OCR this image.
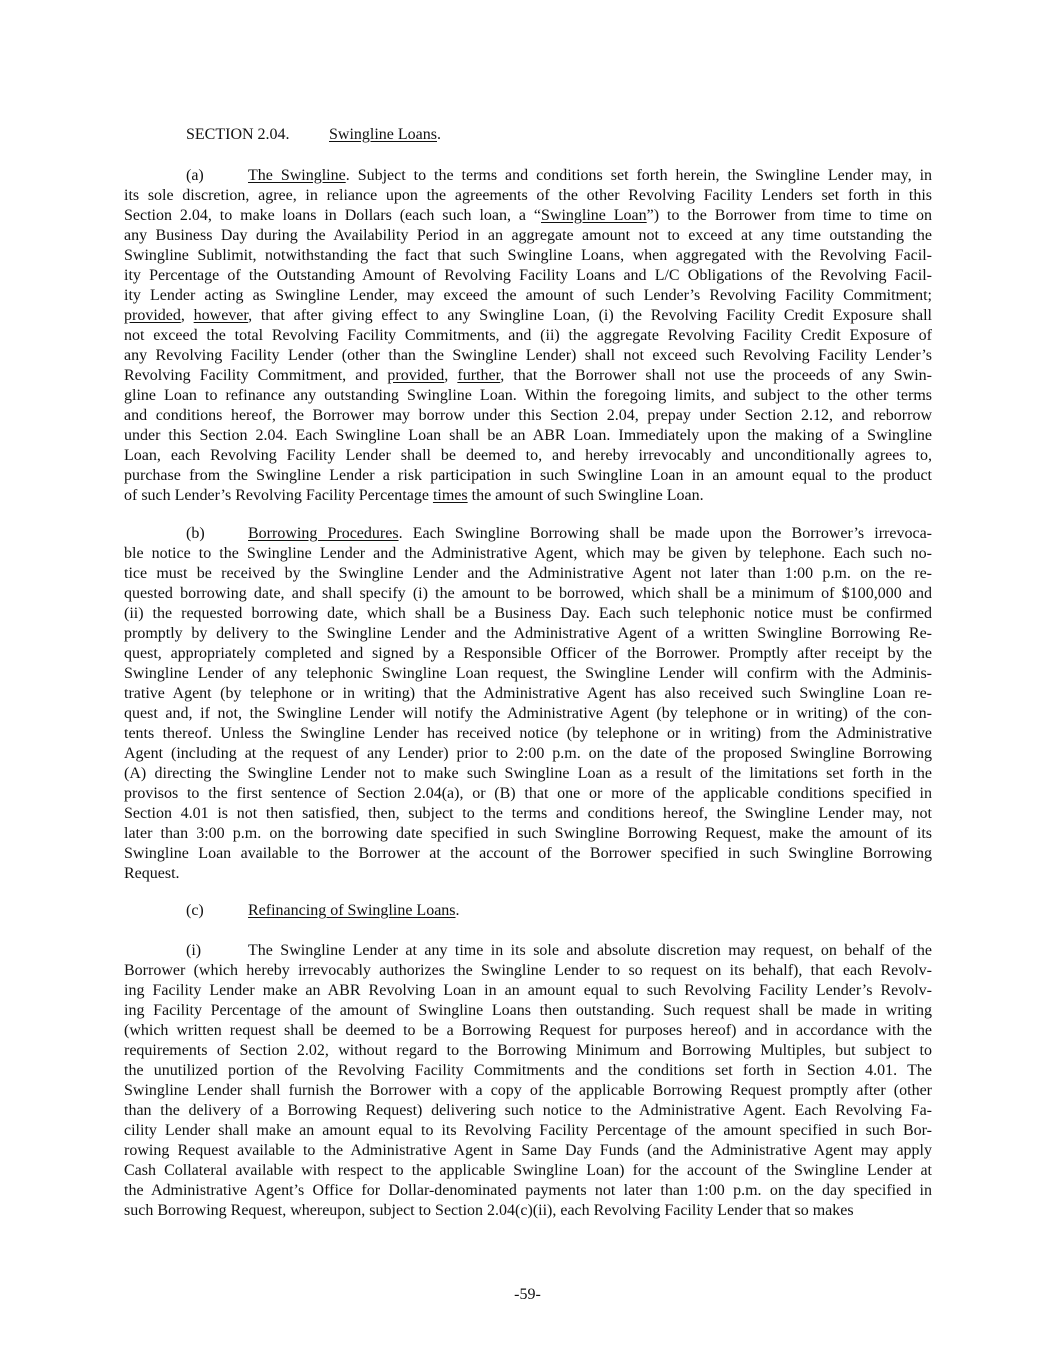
SECTION 2.04. Swingline Loans.
(a)	The Swingline. Subject to the terms and conditions set forth herein, the Swingline Lender may, in
its sole discretion, agree, in reliance upon the agreements of the other Revolving Facility Lenders set forth in this
Section 2.04, to make loans in Dollars (each such loan, a “Swingline Loan”) to the Borrower from time to time on
any Business Day during the Availability Period in an aggregate amount not to exceed at any time outstanding the
Swingline Sublimit, notwithstanding the fact that such Swingline Loans, when aggregated with the Revolving Facil-
ity Percentage of the Outstanding Amount of Revolving Facility Loans and L/C Obligations of the Revolving Facil-
ity Lender acting as Swingline Lender, may exceed the amount of such Lender’s Revolving Facility Commitment;
provided, however, that after giving effect to any Swingline Loan, (i) the Revolving Facility Credit Exposure shall
not exceed the total Revolving Facility Commitments, and (ii) the aggregate Revolving Facility Credit Exposure of
any Revolving Facility Lender (other than the Swingline Lender) shall not exceed such Revolving Facility Lender’s
Revolving Facility Commitment, and provided, further, that the Borrower shall not use the proceeds of any Swin-
gline Loan to refinance any outstanding Swingline Loan. Within the foregoing limits, and subject to the other terms
and conditions hereof, the Borrower may borrow under this Section 2.04, prepay under Section 2.12, and reborrow
under this Section 2.04. Each Swingline Loan shall be an ABR Loan. Immediately upon the making of a Swingline
Loan, each Revolving Facility Lender shall be deemed to, and hereby irrevocably and unconditionally agrees to,
purchase from the Swingline Lender a risk participation in such Swingline Loan in an amount equal to the product
of such Lender’s Revolving Facility Percentage times the amount of such Swingline Loan.
(b)	Borrowing Procedures. Each Swingline Borrowing shall be made upon the Borrower’s irrevoca-
ble notice to the Swingline Lender and the Administrative Agent, which may be given by telephone. Each such no-
tice must be received by the Swingline Lender and the Administrative Agent not later than 1:00 p.m. on the re-
quested borrowing date, and shall specify (i) the amount to be borrowed, which shall be a minimum of $100,000 and
(ii) the requested borrowing date, which shall be a Business Day. Each such telephonic notice must be confirmed
promptly by delivery to the Swingline Lender and the Administrative Agent of a written Swingline Borrowing Re-
quest, appropriately completed and signed by a Responsible Officer of the Borrower. Promptly after receipt by the
Swingline Lender of any telephonic Swingline Loan request, the Swingline Lender will confirm with the Adminis-
trative Agent (by telephone or in writing) that the Administrative Agent has also received such Swingline Loan re-
quest and, if not, the Swingline Lender will notify the Administrative Agent (by telephone or in writing) of the con-
tents thereof. Unless the Swingline Lender has received notice (by telephone or in writing) from the Administrative
Agent (including at the request of any Lender) prior to 2:00 p.m. on the date of the proposed Swingline Borrowing
(A) directing the Swingline Lender not to make such Swingline Loan as a result of the limitations set forth in the
provisos to the first sentence of Section 2.04(a), or (B) that one or more of the applicable conditions specified in
Section 4.01 is not then satisfied, then, subject to the terms and conditions hereof, the Swingline Lender may, not
later than 3:00 p.m. on the borrowing date specified in such Swingline Borrowing Request, make the amount of its
Swingline Loan available to the Borrower at the account of the Borrower specified in such Swingline Borrowing
Request.
(c)	Refinancing of Swingline Loans.
(i)	The Swingline Lender at any time in its sole and absolute discretion may request, on behalf of the
Borrower (which hereby irrevocably authorizes the Swingline Lender to so request on its behalf), that each Revolv-
ing Facility Lender make an ABR Revolving Loan in an amount equal to such Revolving Facility Lender’s Revolv-
ing Facility Percentage of the amount of Swingline Loans then outstanding. Such request shall be made in writing
(which written request shall be deemed to be a Borrowing Request for purposes hereof) and in accordance with the
requirements of Section 2.02, without regard to the Borrowing Minimum and Borrowing Multiples, but subject to
the unutilized portion of the Revolving Facility Commitments and the conditions set forth in Section 4.01. The
Swingline Lender shall furnish the Borrower with a copy of the applicable Borrowing Request promptly after (other
than the delivery of a Borrowing Request) delivering such notice to the Administrative Agent. Each Revolving Fa-
cility Lender shall make an amount equal to its Revolving Facility Percentage of the amount specified in such Bor-
rowing Request available to the Administrative Agent in Same Day Funds (and the Administrative Agent may apply
Cash Collateral available with respect to the applicable Swingline Loan) for the account of the Swingline Lender at
the Administrative Agent’s Office for Dollar-denominated payments not later than 1:00 p.m. on the day specified in
such Borrowing Request, whereupon, subject to Section 2.04(c)(ii), each Revolving Facility Lender that so makes
-59-
